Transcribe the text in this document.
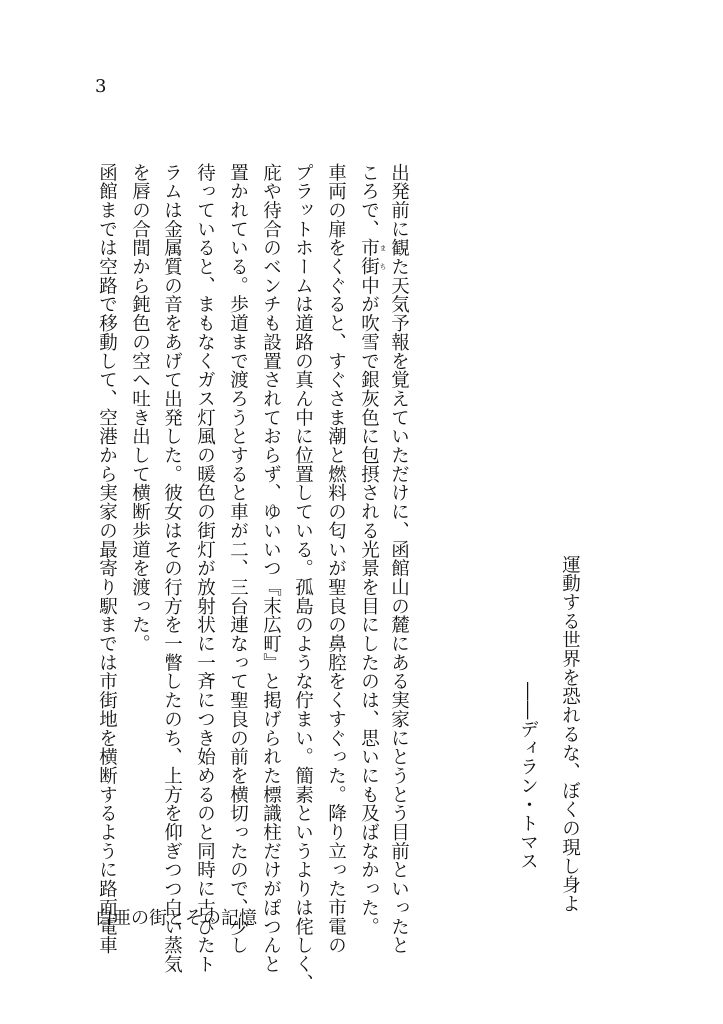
3
運動する世界を恐れるな、ぼくの現し身よ
――ディラン・トマス
出発前に観た天気予報を覚えていただけに、函館山の麓にある実家にとうとう目前といったと
ころで、市街 まち中が吹雪で銀灰色に包摂される光景を目にしたのは、思いにも及ばなかった。
車両の扉をくぐると、すぐさま潮と燃料の匂いが聖良の鼻腔をくすぐった。降り立った市電の
プラットホームは道路の真ん中に位置している。孤島のような佇まい。簡素というよりは侘しく、
庇や待合のベンチも設置されておらず、ゆいいつ『末広町』と掲げられた標識柱だけがぽつんと
置かれている。歩道まで渡ろうとすると車が二、三台連なって聖良の前を横切ったので、少し
待っていると、まもなくガス灯風の暖色の街灯が放射状に一斉につき始めるのと同時に古びたト
ラムは金属質の音をあげて出発した。彼女はその行方を一瞥したのち、上方を仰ぎつつ白い蒸気
を唇の合間から鈍色の空へ吐き出して横断歩道を渡った。
函館までは空路で移動して、空港から実家の最寄り駅までは市街地を横断するように路面電車
白亜の街とその記憶
